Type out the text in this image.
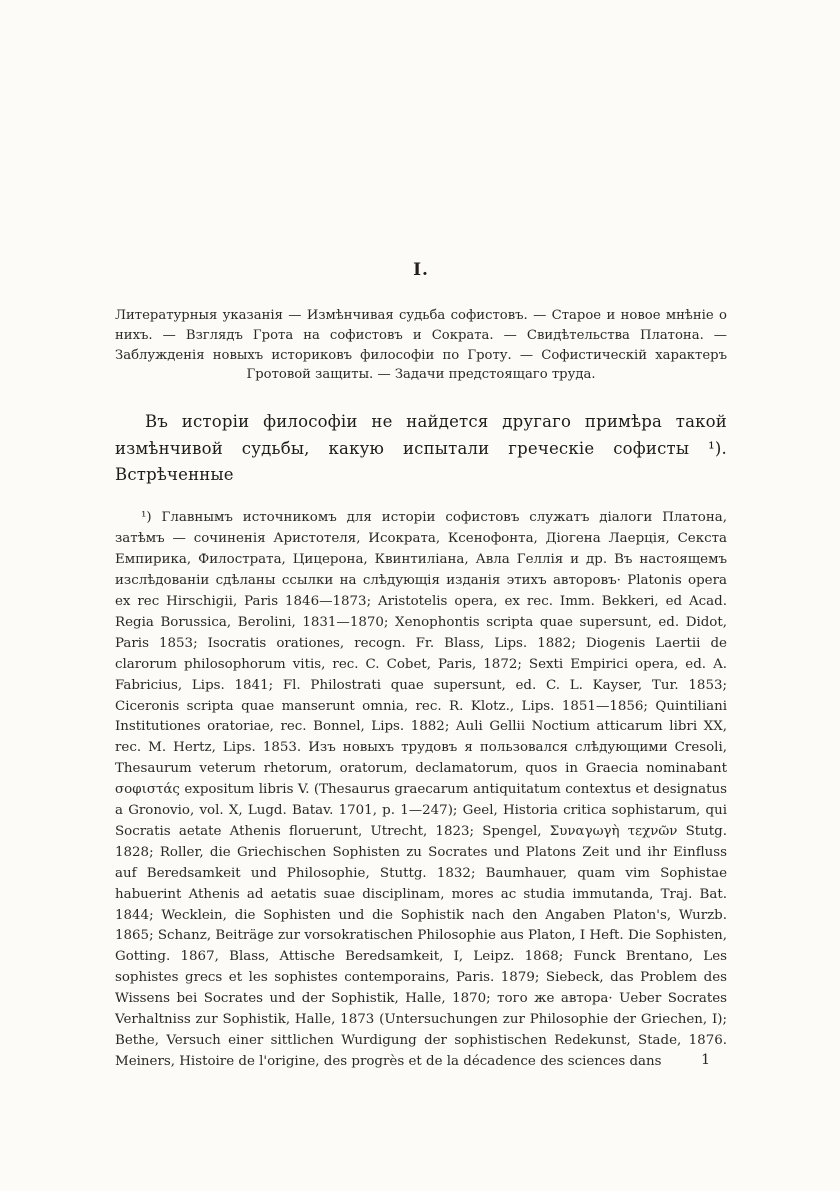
I.

Литературныя указанія — Измѣнчивая судьба софистовъ. — Старое и новое мнѣніе о нихъ. — Взглядъ Грота на софистовъ и Сократа. — Свидѣтельства Платона. — Заблужденія новыхъ историковъ философіи по Гроту. — Софистическій характеръ Гротовой защиты. — Задачи предстоящаго труда.

Въ исторіи философіи не найдется другаго примѣра такой измѣнчивой судьбы, какую испытали греческіе софисты ¹). Встрѣченные

¹) Главнымъ источникомъ для исторіи софистовъ служатъ діалоги Платона, затѣмъ — сочиненія Аристотеля, Исократа, Ксенофонта, Діогена Лаерція, Секста Емпирика, Филострата, Цицерона, Квинтиліана, Авла Геллія и др. Въ настоящемъ изслѣдованіи сдѣланы ссылки на слѣдующія изданія этихъ авторовъ· Platonis opera ex rec Hirschigii, Paris 1846—1873; Aristotelis opera, ex rec. Imm. Bekkeri, ed Acad. Regia Borussica, Berolini, 1831—1870; Xenophontis scripta quae supersunt, ed. Didot, Paris 1853; Isocratis orationes, recogn. Fr. Blass, Lips. 1882; Diogenis Laertii de clarorum philosophorum vitis, rec. C. Cobet, Paris, 1872; Sexti Empirici opera, ed. A. Fabricius, Lips. 1841; Fl. Philostrati quae supersunt, ed. C. L. Kayser, Tur. 1853; Ciceronis scripta quae manserunt omnia, rec. R. Klotz., Lips. 1851—1856; Quintiliani Institutiones oratoriae, rec. Bonnel, Lips. 1882; Auli Gellii Noctium atticarum libri XX, rec. M. Hertz, Lips. 1853. Изъ новыхъ трудовъ я пользовался слѣдующими Cresoli, Thesaurum veterum rhetorum, oratorum, declamatorum, quos in Graecia nominabant σοφιστάς expositum libris V. (Thesaurus graecarum antiquitatum contextus et designatus a Gronovio, vol. X, Lugd. Batav. 1701, p. 1—247); Geel, Historia critica sophistarum, qui Socratis aetate Athenis floruerunt, Utrecht, 1823; Spengel, Συναγωγὴ τεχνῶν Stutg. 1828; Roller, die Griechischen Sophisten zu Socrates und Platons Zeit und ihr Einfluss auf Beredsamkeit und Philosophie, Stuttg. 1832; Baumhauer, quam vim Sophistae habuerint Athenis ad aetatis suae disciplinam, mores ac studia immutanda, Traj. Bat. 1844; Wecklein, die Sophisten und die Sophistik nach den Angaben Platon's, Wurzb. 1865; Schanz, Beiträge zur vorsokratischen Philosophie aus Platon, I Heft. Die Sophisten, Gotting. 1867, Blass, Attische Beredsamkeit, I, Leipz. 1868; Funck Brentano, Les sophistes grecs et les sophistes contemporains, Paris. 1879; Siebeck, das Problem des Wissens bei Socrates und der Sophistik, Halle, 1870; того же автора· Ueber Socrates Verhaltniss zur Sophistik, Halle, 1873 (Untersuchungen zur Philosophie der Griechen, I); Bethe, Versuch einer sittlichen Wurdigung der sophistischen Redekunst, Stade, 1876. Meiners, Histoire de l'origine, des progrès et de la décadence des sciences dans	1
